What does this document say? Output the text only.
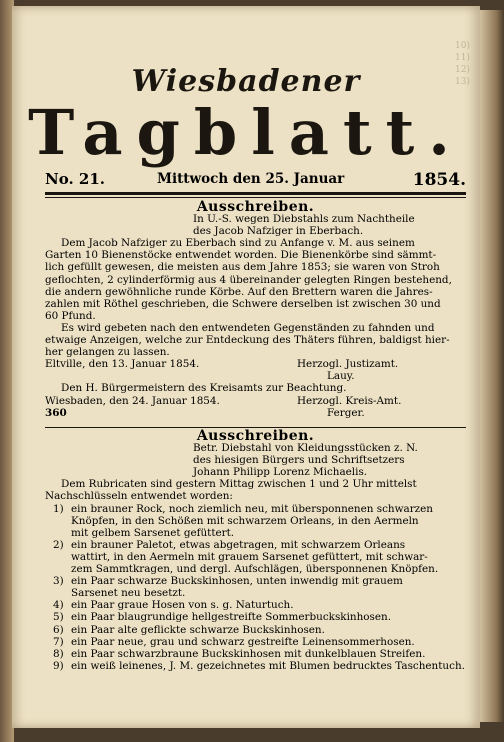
10)
11)
12)
13)
Wiesbadener
Tagblatt.
No. 21.	Mittwoch den 25. Januar	1854.
Ausschreiben.
In U.-S. wegen Diebstahls zum Nachtheile
des Jacob Nafziger in Eberbach.
Dem Jacob Nafziger zu Eberbach sind zu Anfange v. M. aus seinem
Garten 10 Bienenstöcke entwendet worden. Die Bienenkörbe sind sämmt-
lich gefüllt gewesen, die meisten aus dem Jahre 1853; sie waren von Stroh
geflochten, 2 cylinderförmig aus 4 übereinander gelegten Ringen bestehend,
die andern gewöhnliche runde Körbe. Auf den Brettern waren die Jahres-
zahlen mit Röthel geschrieben, die Schwere derselben ist zwischen 30 und
60 Pfund.
Es wird gebeten nach den entwendeten Gegenständen zu fahnden und
etwaige Anzeigen, welche zur Entdeckung des Thäters führen, baldigst hier-
her gelangen zu lassen.
Eltville, den 13. Januar 1854.	Herzogl. Justizamt.
Lauy.
Den H. Bürgermeistern des Kreisamts zur Beachtung.
Wiesbaden, den 24. Januar 1854.	Herzogl. Kreis-Amt.
360	Ferger.
Ausschreiben.
Betr. Diebstahl von Kleidungsstücken z. N.
des hiesigen Bürgers und Schriftsetzers
Johann Philipp Lorenz Michaelis.
Dem Rubricaten sind gestern Mittag zwischen 1 und 2 Uhr mittelst
Nachschlüsseln entwendet worden:
1) ein brauner Rock, noch ziemlich neu, mit übersponnenen schwarzen
Knöpfen, in den Schößen mit schwarzem Orleans, in den Aermeln
mit gelbem Sarsenet gefüttert.
2) ein brauner Paletot, etwas abgetragen, mit schwarzem Orleans
wattirt, in den Aermeln mit grauem Sarsenet gefüttert, mit schwar-
zem Sammtkragen, und dergl. Aufschlägen, übersponnenen Knöpfen.
3) ein Paar schwarze Buckskinhosen, unten inwendig mit grauem
Sarsenet neu besetzt.
4) ein Paar graue Hosen von s. g. Naturtuch.
5) ein Paar blaugrundige hellgestreifte Sommerbuckskinhosen.
6) ein Paar alte geflickte schwarze Buckskinhosen.
7) ein Paar neue, grau und schwarz gestreifte Leinensommerhosen.
8) ein Paar schwarzbraune Buckskinhosen mit dunkelblauen Streifen.
9) ein weiß leinenes, J. M. gezeichnetes mit Blumen bedrucktes Taschentuch.
